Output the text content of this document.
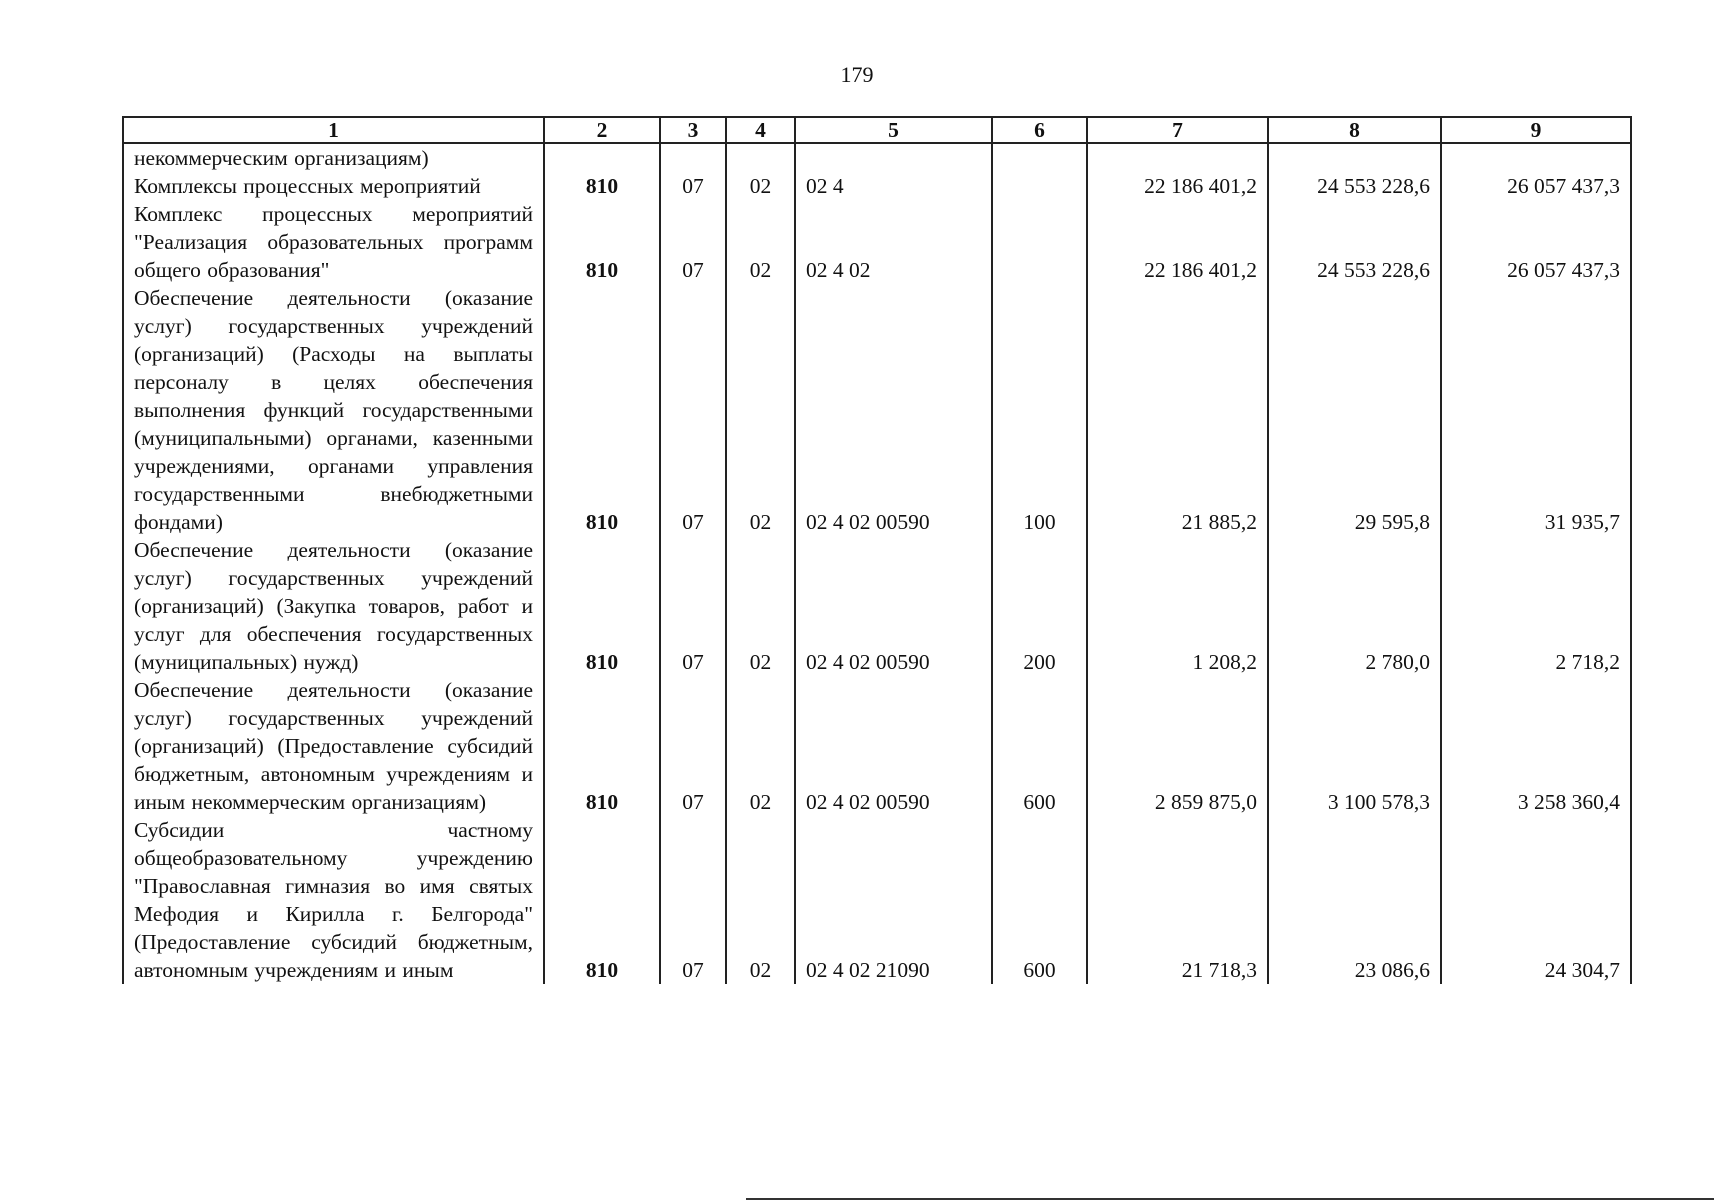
179
1	2	3	4	5	6	7	8	9
некоммерческим организациям)								
Комплексы процессных мероприятий	810	07	02	02 4		22 186 401,2	24 553 228,6	26 057 437,3
Комплекс процессных мероприятий "Реализация образовательных программ общего образования"	810	07	02	02 4 02		22 186 401,2	24 553 228,6	26 057 437,3
Обеспечение деятельности (оказание услуг) государственных учреждений (организаций) (Расходы на выплаты персоналу в целях обеспечения выполнения функций государственными (муниципальными) органами, казенными учреждениями, органами управления государственными внебюджетными фондами)	810	07	02	02 4 02 00590	100	21 885,2	29 595,8	31 935,7
Обеспечение деятельности (оказание услуг) государственных учреждений (организаций) (Закупка товаров, работ и услуг для обеспечения государственных (муниципальных) нужд)	810	07	02	02 4 02 00590	200	1 208,2	2 780,0	2 718,2
Обеспечение деятельности (оказание услуг) государственных учреждений (организаций) (Предоставление субсидий бюджетным, автономным учреждениям и иным некоммерческим организациям)	810	07	02	02 4 02 00590	600	2 859 875,0	3 100 578,3	3 258 360,4
Субсидии частному общеобразовательному учреждению "Православная гимназия во имя святых Мефодия и Кирилла г. Белгорода" (Предоставление субсидий бюджетным, автономным учреждениям и иным	810	07	02	02 4 02 21090	600	21 718,3	23 086,6	24 304,7
